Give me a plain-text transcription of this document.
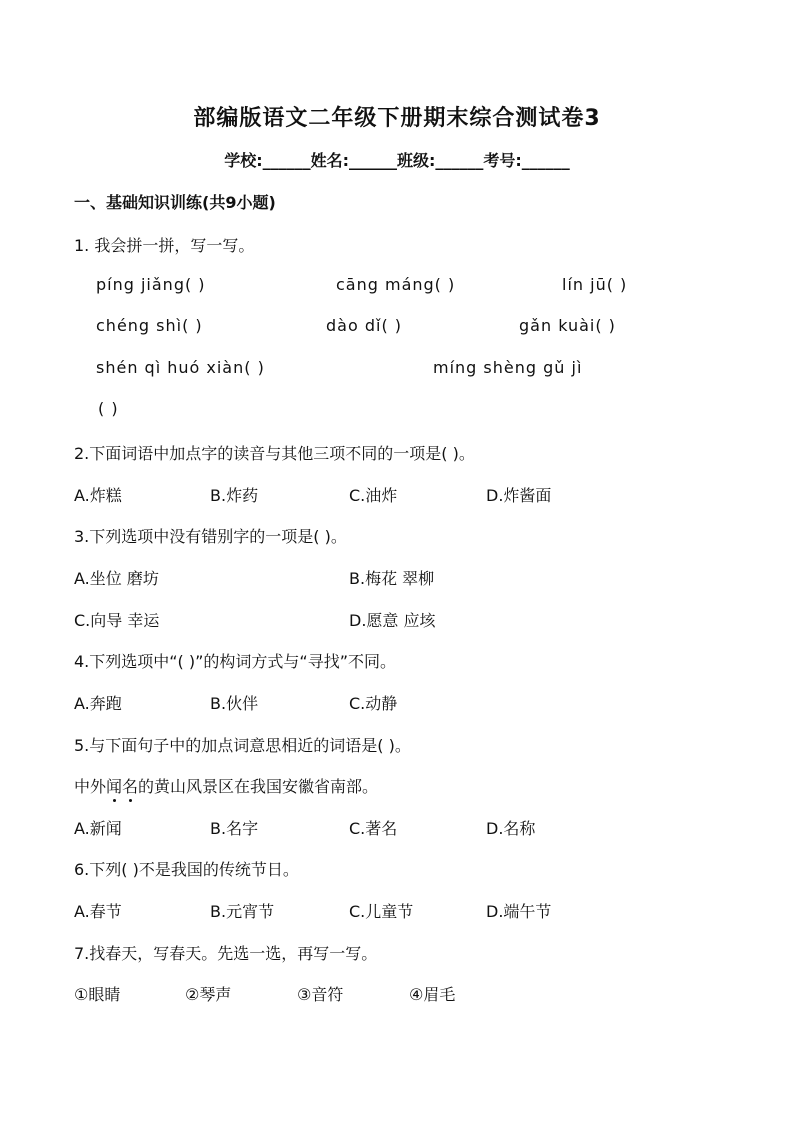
部编版语文二年级下册期末综合测试卷3
学校:______姓名:______班级:______考号:______
一、基础知识训练(共9小题)
1. 我会拼一拼，写一写。
píng jiǎng( )	cāng máng( )	lín jū( )
chéng shì( )	dào dǐ( )	gǎn kuài( )
shén qì huó xiàn( )	míng shèng gǔ jì
( )
2.下面词语中加点字的读音与其他三项不同的一项是( )。
A.炸糕	B.炸药	C.油炸	D.炸酱面
3.下列选项中没有错别字的一项是( )。
A.坐位 磨坊	B.梅花 翠柳
C.向导 幸运	D.愿意 应垓
4.下列选项中“( )”的构词方式与“寻找”不同。
A.奔跑	B.伙伴	C.动静
5.与下面句子中的加点词意思相近的词语是( )。
中外闻名的黄山风景区在我国安徽省南部。
A.新闻	B.名字	C.著名	D.名称
6.下列( )不是我国的传统节日。
A.春节	B.元宵节	C.儿童节	D.端午节
7.找春天，写春天。先选一选，再写一写。
①眼睛	②琴声	③音符	④眉毛
